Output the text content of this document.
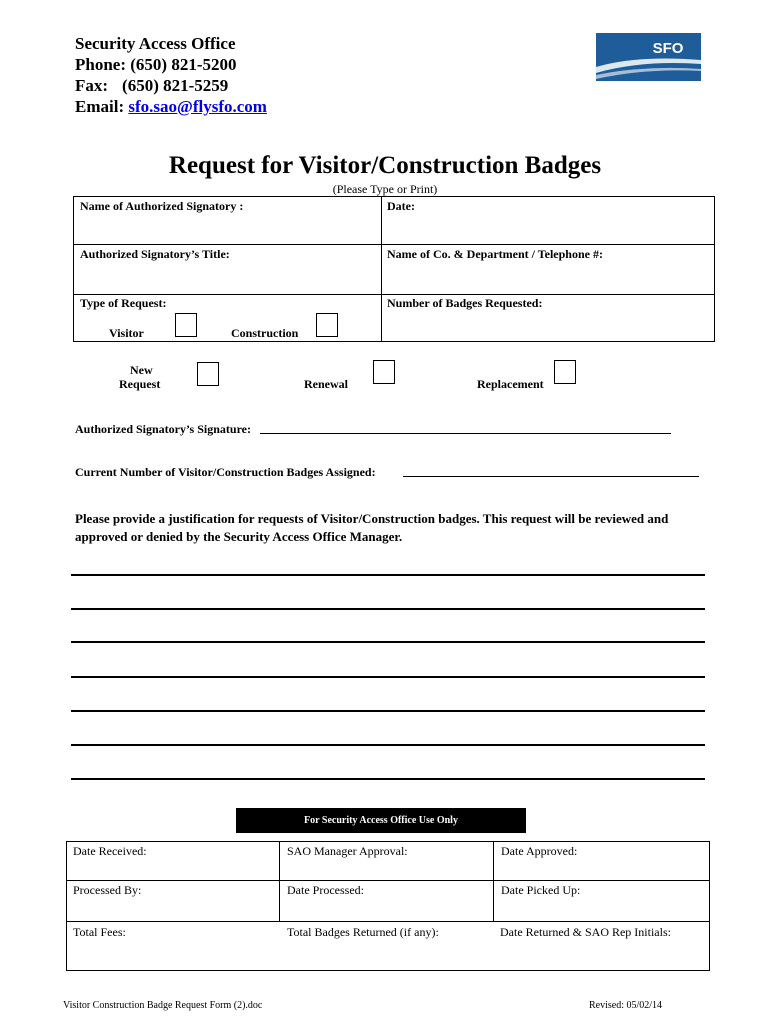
Security Access Office
Phone: (650) 821-5200
Fax: (650) 821-5259
Email: sfo.sao@flysfo.com
SFO
Request for Visitor/Construction Badges
(Please Type or Print)
Name of Authorized Signatory :	Date:
Authorized Signatory’s Title:	Name of Co. & Department / Telephone #:
Type of Request:	Number of Badges Requested:
Visitor	Construction
New
Request	Renewal	Replacement
Authorized Signatory’s Signature:
Current Number of Visitor/Construction Badges Assigned:
Please provide a justification for requests of Visitor/Construction badges. This request will be reviewed and approved or denied by the Security Access Office Manager.
For Security Access Office Use Only
Date Received:	SAO Manager Approval:	Date Approved:
Processed By:	Date Processed:	Date Picked Up:
Total Fees:	Total Badges Returned (if any):	Date Returned & SAO Rep Initials:
Visitor Construction Badge Request Form (2).doc	Revised: 05/02/14
